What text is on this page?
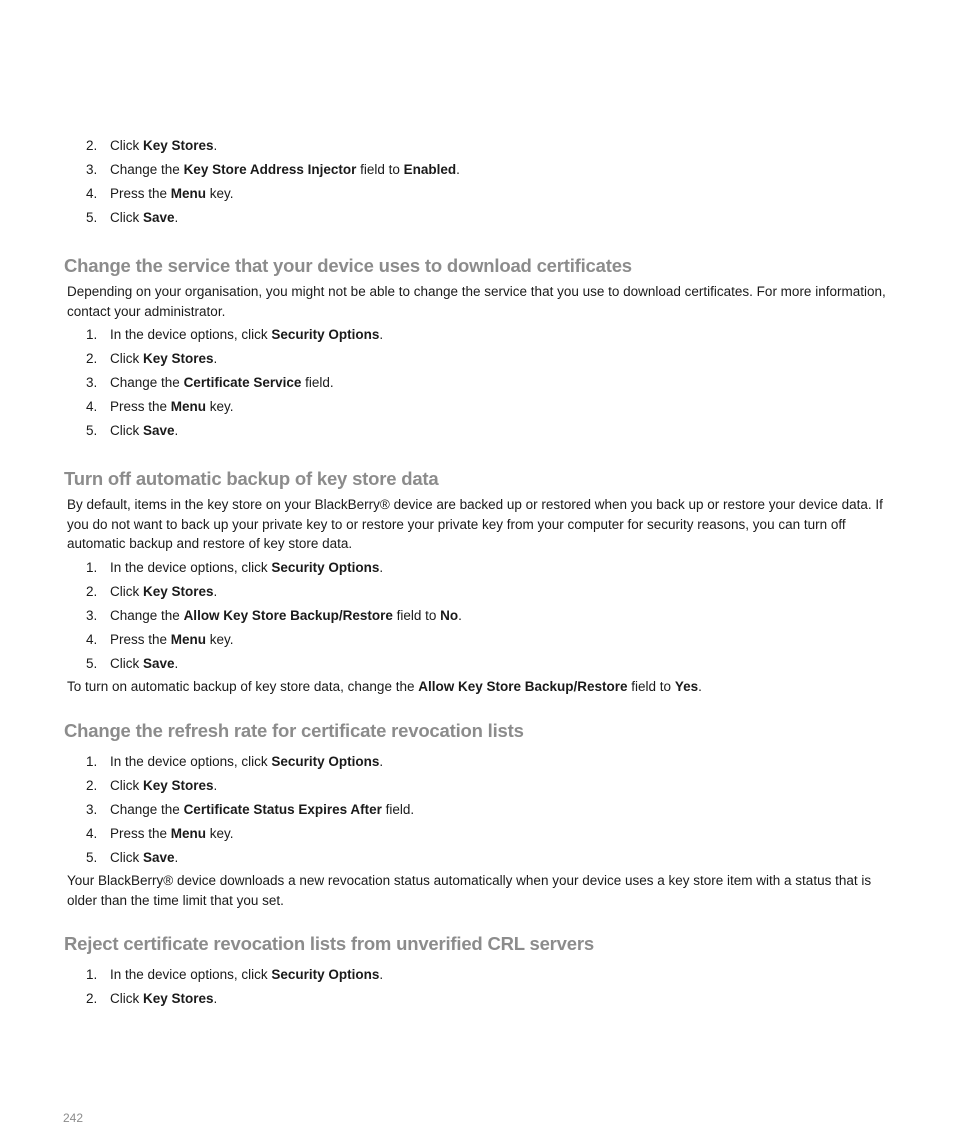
2. Click Key Stores.
3. Change the Key Store Address Injector field to Enabled.
4. Press the Menu key.
5. Click Save.
Change the service that your device uses to download certificates

Depending on your organisation, you might not be able to change the service that you use to download certificates. For more information, contact your administrator.

1. In the device options, click Security Options.
2. Click Key Stores.
3. Change the Certificate Service field.
4. Press the Menu key.
5. Click Save.
Turn off automatic backup of key store data

By default, items in the key store on your BlackBerry® device are backed up or restored when you back up or restore your device data. If you do not want to back up your private key to or restore your private key from your computer for security reasons, you can turn off automatic backup and restore of key store data.

1. In the device options, click Security Options.
2. Click Key Stores.
3. Change the Allow Key Store Backup/Restore field to No.
4. Press the Menu key.
5. Click Save.

To turn on automatic backup of key store data, change the Allow Key Store Backup/Restore field to Yes.

Change the refresh rate for certificate revocation lists
1. In the device options, click Security Options.
2. Click Key Stores.
3. Change the Certificate Status Expires After field.
4. Press the Menu key.
5. Click Save.

Your BlackBerry® device downloads a new revocation status automatically when your device uses a key store item with a status that is older than the time limit that you set.

Reject certificate revocation lists from unverified CRL servers
1. In the device options, click Security Options.
2. Click Key Stores.
242
